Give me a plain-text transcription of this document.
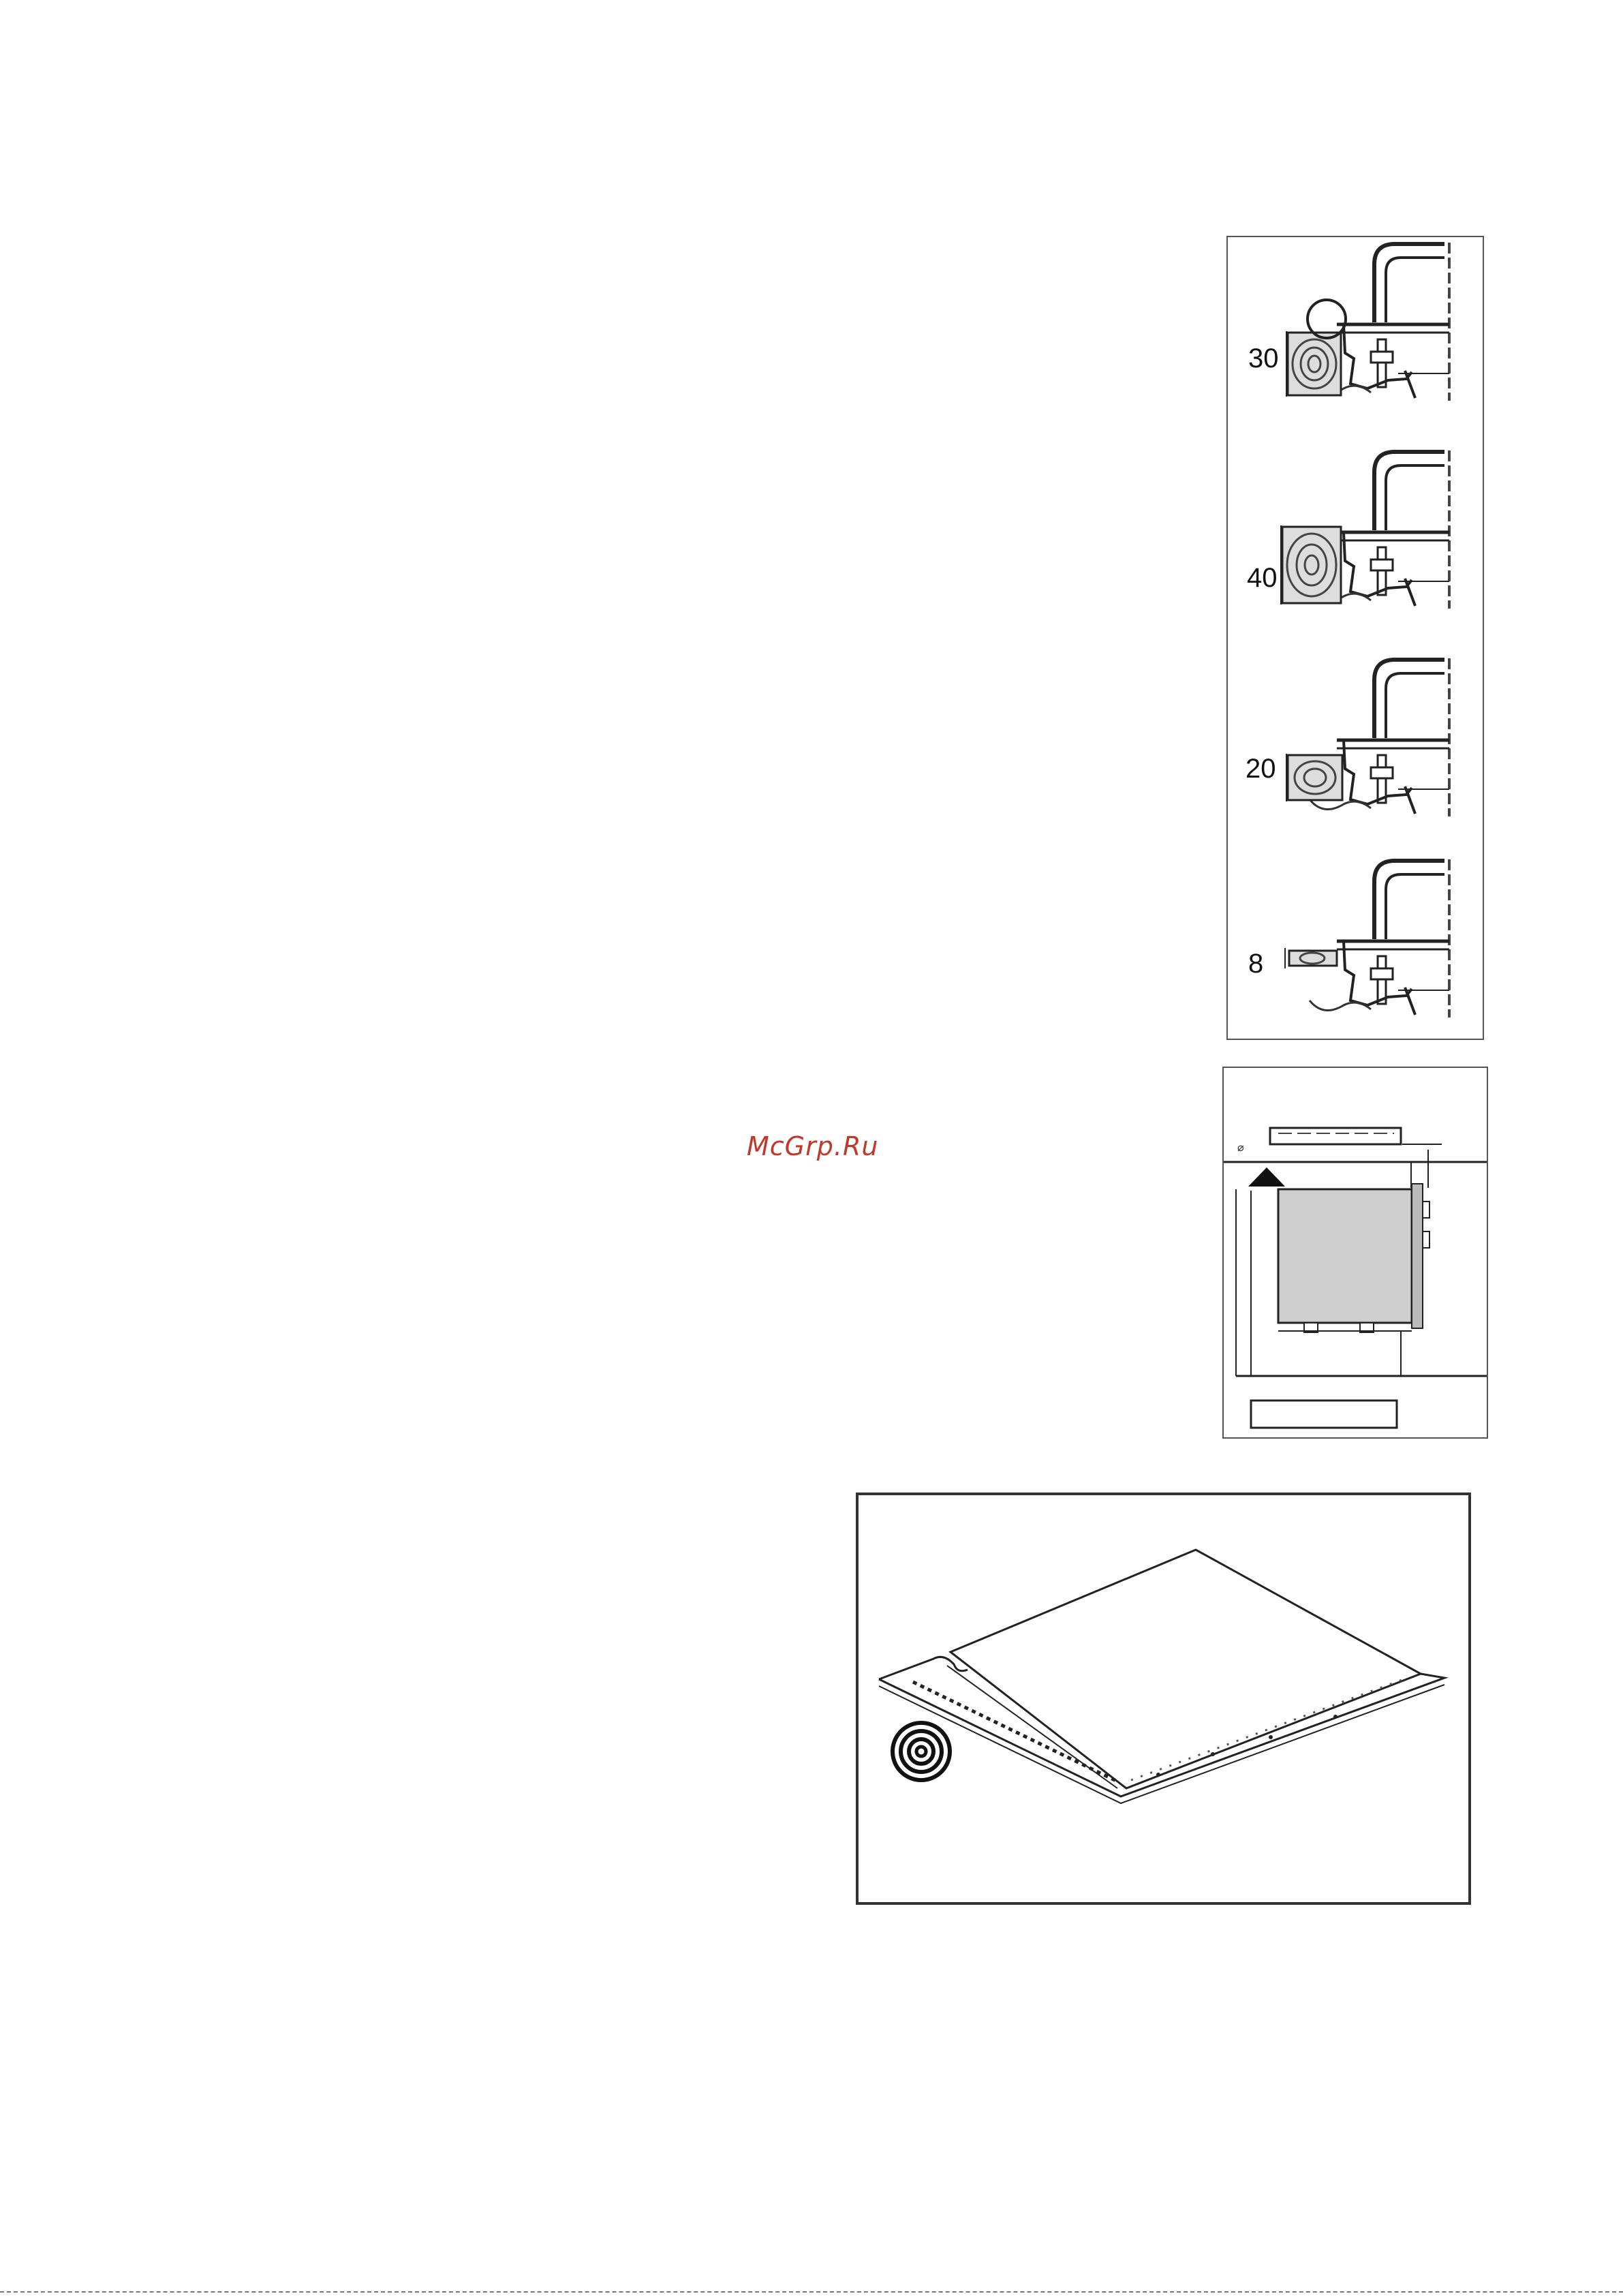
30
40
20
8
⌀
McGrp.Ru
